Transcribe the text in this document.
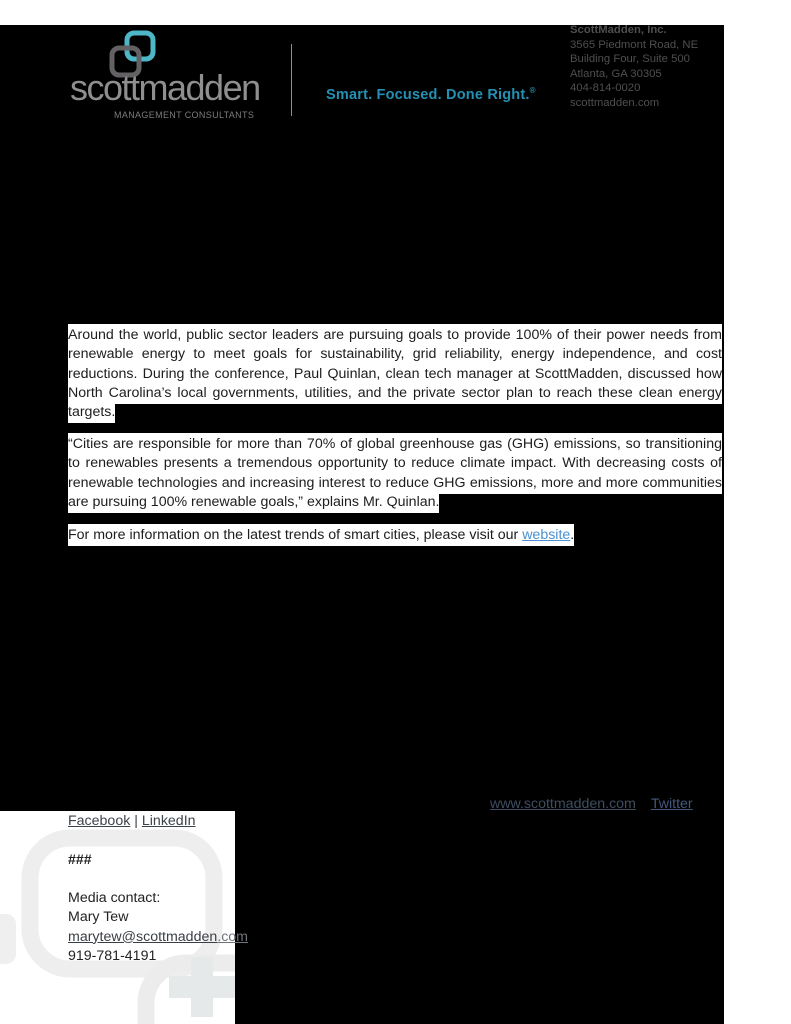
scottmadden
MANAGEMENT CONSULTANTS
Smart. Focused. Done Right.®
ScottMadden, Inc.
3565 Piedmont Road, NE
Building Four, Suite 500
Atlanta, GA 30305
404-814-0020
scottmadden.com
Around the world, public sector leaders are pursuing goals to provide 100% of their power needs from renewable energy to meet goals for sustainability, grid reliability, energy independence, and cost reductions. During the conference, Paul Quinlan, clean tech manager at ScottMadden, discussed how North Carolina’s local governments, utilities, and the private sector plan to reach these clean energy targets.
“Cities are responsible for more than 70% of global greenhouse gas (GHG) emissions, so transitioning to renewables presents a tremendous opportunity to reduce climate impact. With decreasing costs of renewable technologies and increasing interest to reduce GHG emissions, more and more communities are pursuing 100% renewable goals,” explains Mr. Quinlan.
For more information on the latest trends of smart cities, please visit our website.
www.scottmadden.com Twitter
Facebook | LinkedIn
###
Media contact:
Mary Tew
marytew@scottmadden.com
919-781-4191
